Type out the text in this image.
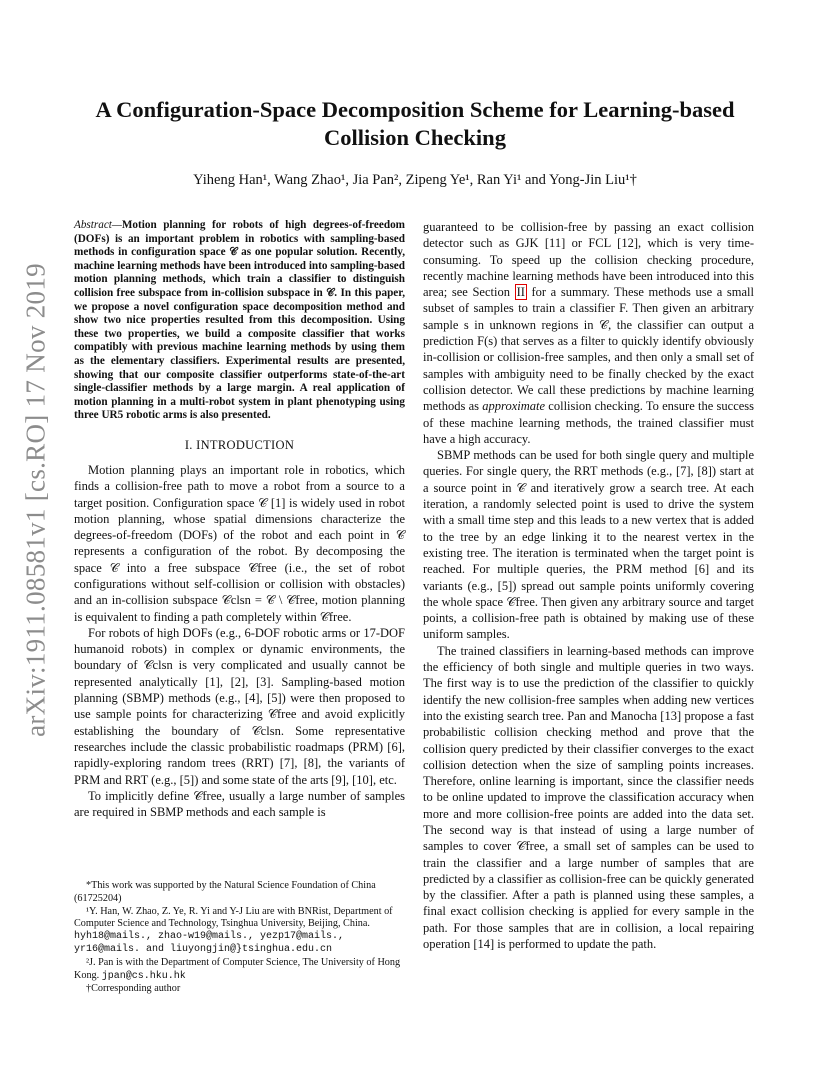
arXiv:1911.08581v1 [cs.RO] 17 Nov 2019
A Configuration-Space Decomposition Scheme for Learning-based
Collision Checking
Yiheng Han¹, Wang Zhao¹, Jia Pan², Zipeng Ye¹, Ran Yi¹ and Yong-Jin Liu¹†
Abstract—Motion planning for robots of high degrees-of-freedom (DOFs) is an important problem in robotics with sampling-based methods in configuration space 𝒞 as one popular solution. Recently, machine learning methods have been introduced into sampling-based motion planning methods, which train a classifier to distinguish collision free subspace from in-collision subspace in 𝒞. In this paper, we propose a novel configuration space decomposition method and show two nice properties resulted from this decomposition. Using these two properties, we build a composite classifier that works compatibly with previous machine learning methods by using them as the elementary classifiers. Experimental results are presented, showing that our composite classifier outperforms state-of-the-art single-classifier methods by a large margin. A real application of motion planning in a multi-robot system in plant phenotyping using three UR5 robotic arms is also presented.
I. INTRODUCTION

Motion planning plays an important role in robotics, which finds a collision-free path to move a robot from a source to a target position. Configuration space 𝒞 [1] is widely used in robot motion planning, whose spatial dimensions characterize the degrees-of-freedom (DOFs) of the robot and each point in 𝒞 represents a configuration of the robot. By decomposing the space 𝒞 into a free subspace 𝒞free (i.e., the set of robot configurations without self-collision or collision with obstacles) and an in-collision subspace 𝒞clsn = 𝒞 \ 𝒞free, motion planning is equivalent to finding a path completely within 𝒞free.

For robots of high DOFs (e.g., 6-DOF robotic arms or 17-DOF humanoid robots) in complex or dynamic environments, the boundary of 𝒞clsn is very complicated and usually cannot be represented analytically [1], [2], [3]. Sampling-based motion planning (SBMP) methods (e.g., [4], [5]) were then proposed to use sample points for characterizing 𝒞free and avoid explicitly establishing the boundary of 𝒞clsn. Some representative researches include the classic probabilistic roadmaps (PRM) [6], rapidly-exploring random trees (RRT) [7], [8], the variants of PRM and RRT (e.g., [5]) and some state of the arts [9], [10], etc.

To implicitly define 𝒞free, usually a large number of samples are required in SBMP methods and each sample is

*This work was supported by the Natural Science Foundation of China (61725204)

¹Y. Han, W. Zhao, Z. Ye, R. Yi and Y-J Liu are with BNRist, Department of Computer Science and Technology, Tsinghua University, Beijing, China.

hyh18@mails., zhao-w19@mails., yezp17@mails.,

yr16@mails. and liuyongjin@}tsinghua.edu.cn

²J. Pan is with the Department of Computer Science, The University of Hong Kong. jpan@cs.hku.hk

†Corresponding author

guaranteed to be collision-free by passing an exact collision detector such as GJK [11] or FCL [12], which is very time-consuming. To speed up the collision checking procedure, recently machine learning methods have been introduced into this area; see Section II for a summary. These methods use a small subset of samples to train a classifier F. Then given an arbitrary sample s in unknown regions in 𝒞, the classifier can output a prediction F(s) that serves as a filter to quickly identify obviously in-collision or collision-free samples, and then only a small set of samples with ambiguity need to be finally checked by the exact collision detector. We call these predictions by machine learning methods as approximate collision checking. To ensure the success of these machine learning methods, the trained classifier must have a high accuracy.

SBMP methods can be used for both single query and multiple queries. For single query, the RRT methods (e.g., [7], [8]) start at a source point in 𝒞 and iteratively grow a search tree. At each iteration, a randomly selected point is used to drive the system with a small time step and this leads to a new vertex that is added to the tree by an edge linking it to the nearest vertex in the existing tree. The iteration is terminated when the target point is reached. For multiple queries, the PRM method [6] and its variants (e.g., [5]) spread out sample points uniformly covering the whole space 𝒞free. Then given any arbitrary source and target points, a collision-free path is obtained by making use of these uniform samples.

The trained classifiers in learning-based methods can improve the efficiency of both single and multiple queries in two ways. The first way is to use the prediction of the classifier to quickly identify the new collision-free samples when adding new vertices into the existing search tree. Pan and Manocha [13] propose a fast probabilistic collision checking method and prove that the collision query predicted by their classifier converges to the exact collision detection when the size of sampling points increases. Therefore, online learning is important, since the classifier needs to be online updated to improve the classification accuracy when more and more collision-free points are added into the data set. The second way is that instead of using a large number of samples to cover 𝒞free, a small set of samples can be used to train the classifier and a large number of samples that are predicted by a classifier as collision-free can be quickly generated by the classifier. After a path is planned using these samples, a final exact collision checking is applied for every sample in the path. For those samples that are in collision, a local repairing operation [14] is performed to update the path.
